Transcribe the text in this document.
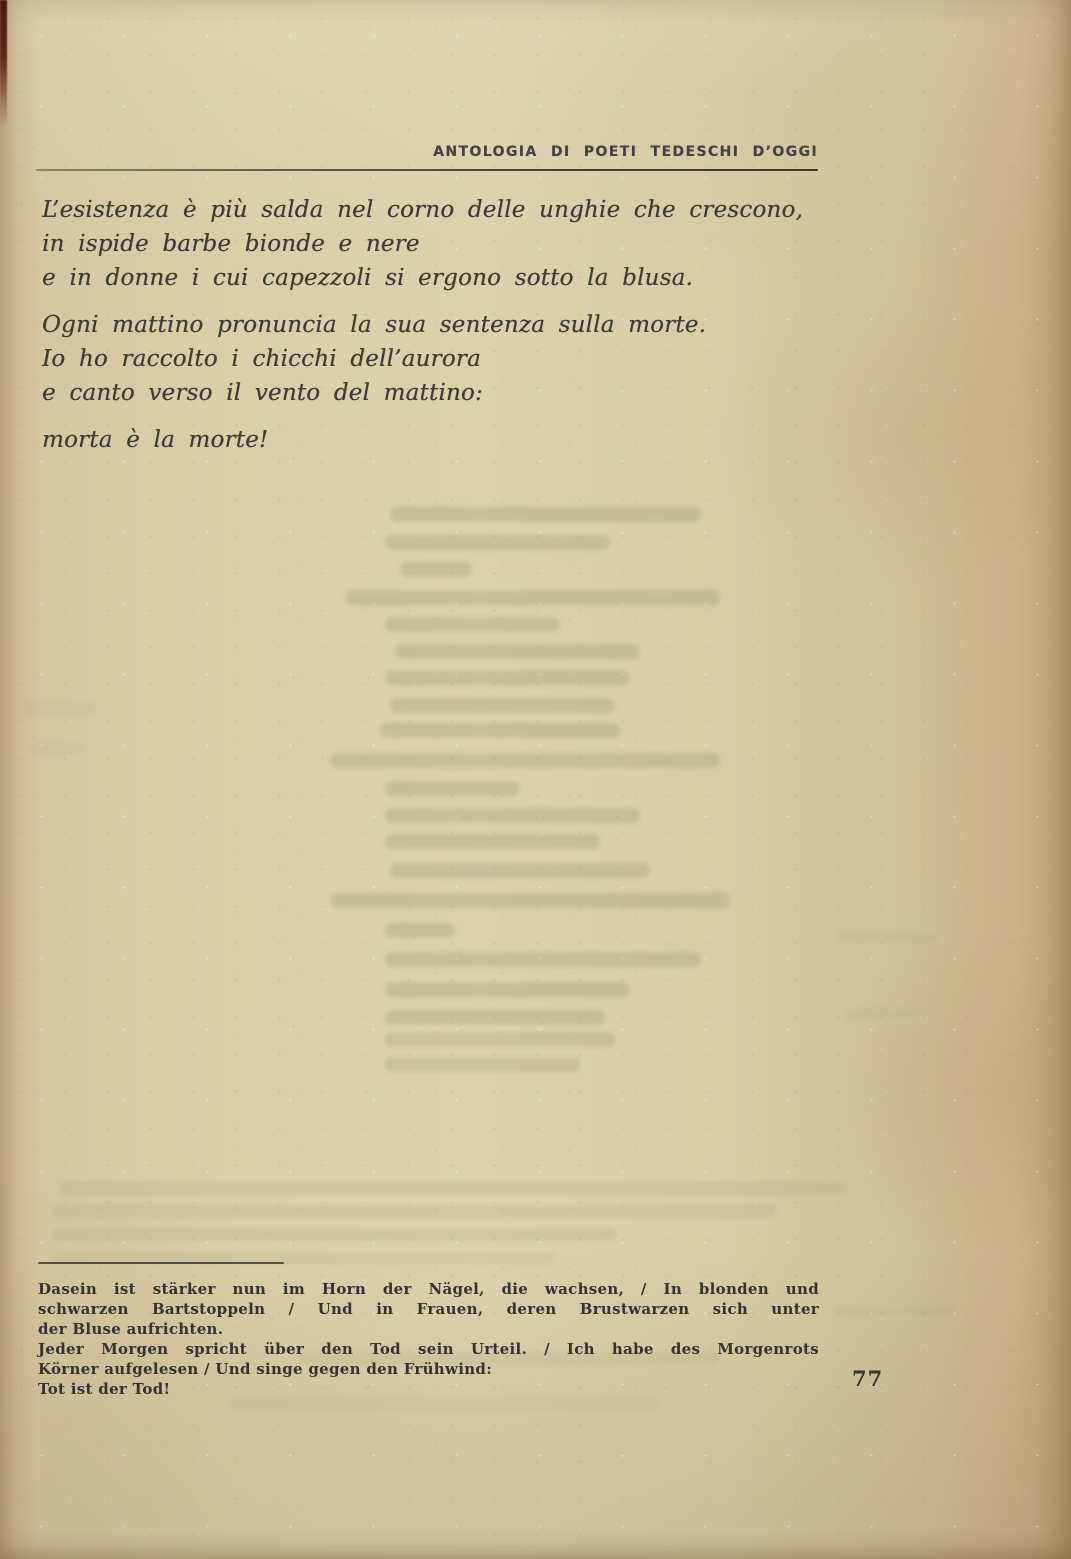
ANTOLOGIA DI POETI TEDESCHI D’OGGI
L’esistenza è più salda nel corno delle unghie che crescono,
in ispide barbe bionde e nere
e in donne i cui capezzoli si ergono sotto la blusa.
Ogni mattino pronuncia la sua sentenza sulla morte.
Io ho raccolto i chicchi dell’aurora
e canto verso il vento del mattino:
morta è la morte!
Dasein ist stärker nun im Horn der Nägel, die wachsen, / In blonden und
schwarzen Bartstoppeln / Und in Frauen, deren Brustwarzen sich unter
der Bluse aufrichten.
Jeder Morgen spricht über den Tod sein Urteil. / Ich habe des Morgenrots
Körner aufgelesen / Und singe gegen den Frühwind:
Tot ist der Tod!	77
